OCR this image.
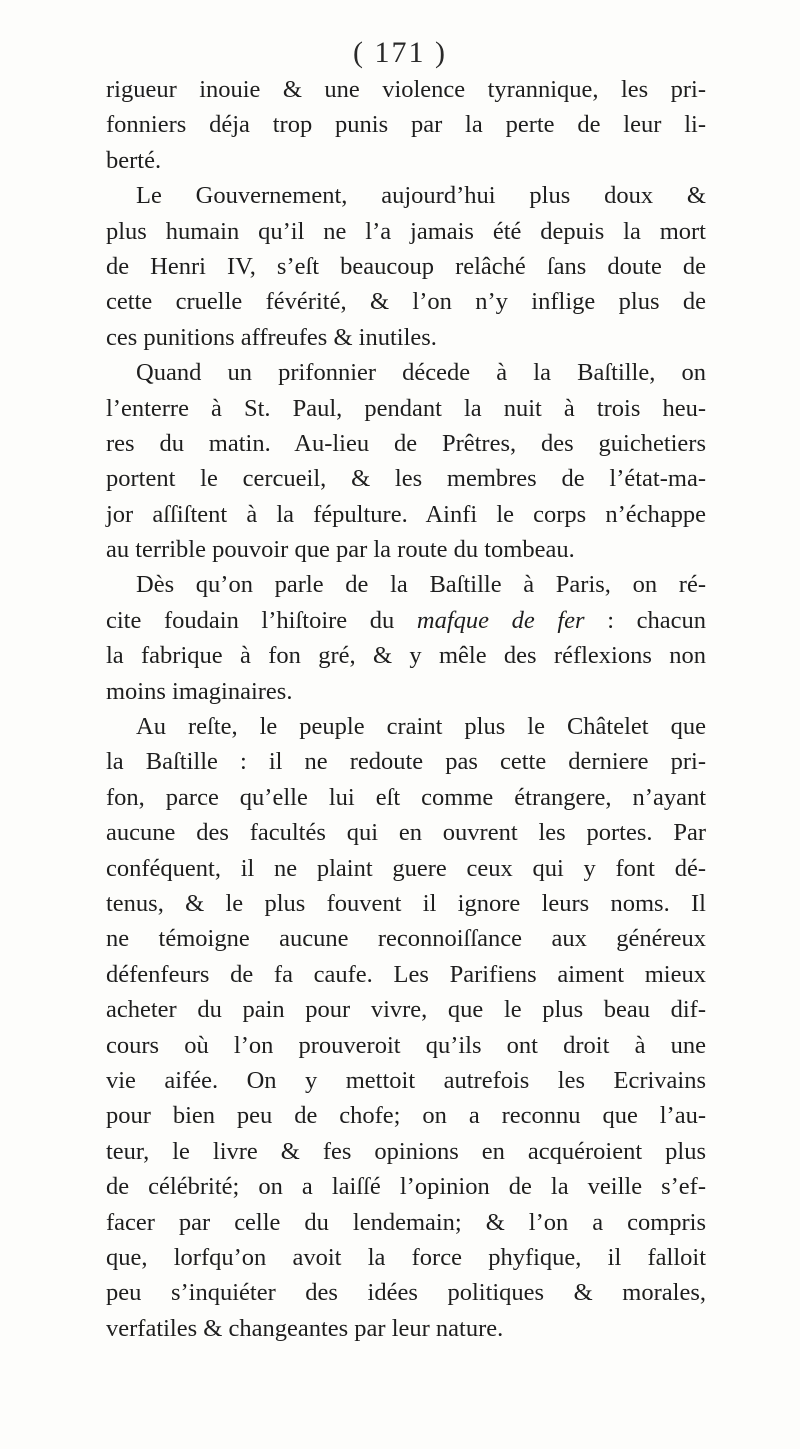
( 171 )
rigueur inouie & une violence tyrannique, les pri-
fonniers déja trop punis par la perte de leur li-
berté.
Le Gouvernement, aujourd’hui plus doux &
plus humain qu’il ne l’a jamais été depuis la mort
de Henri IV, s’eſt beaucoup relâché ſans doute de
cette cruelle févérité, & l’on n’y inflige plus de
ces punitions affreufes & inutiles.
Quand un prifonnier décede à la Baſtille, on
l’enterre à St. Paul, pendant la nuit à trois heu-
res du matin. Au-lieu de Prêtres, des guichetiers
portent le cercueil, & les membres de l’état-ma-
jor aſſiſtent à la fépulture. Ainfi le corps n’échappe
au terrible pouvoir que par la route du tombeau.
Dès qu’on parle de la Baſtille à Paris, on ré-
cite foudain l’hiſtoire du mafque de fer : chacun
la fabrique à fon gré, & y mêle des réflexions non
moins imaginaires.
Au reſte, le peuple craint plus le Châtelet que
la Baſtille : il ne redoute pas cette derniere pri-
fon, parce qu’elle lui eſt comme étrangere, n’ayant
aucune des facultés qui en ouvrent les portes. Par
conféquent, il ne plaint guere ceux qui y font dé-
tenus, & le plus fouvent il ignore leurs noms. Il
ne témoigne aucune reconnoiſſance aux généreux
défenfeurs de fa caufe. Les Parifiens aiment mieux
acheter du pain pour vivre, que le plus beau dif-
cours où l’on prouveroit qu’ils ont droit à une
vie aifée. On y mettoit autrefois les Ecrivains
pour bien peu de chofe; on a reconnu que l’au-
teur, le livre & fes opinions en acquéroient plus
de célébrité; on a laiſſé l’opinion de la veille s’ef-
facer par celle du lendemain; & l’on a compris
que, lorfqu’on avoit la force phyfique, il falloit
peu s’inquiéter des idées politiques & morales,
verfatiles & changeantes par leur nature.
